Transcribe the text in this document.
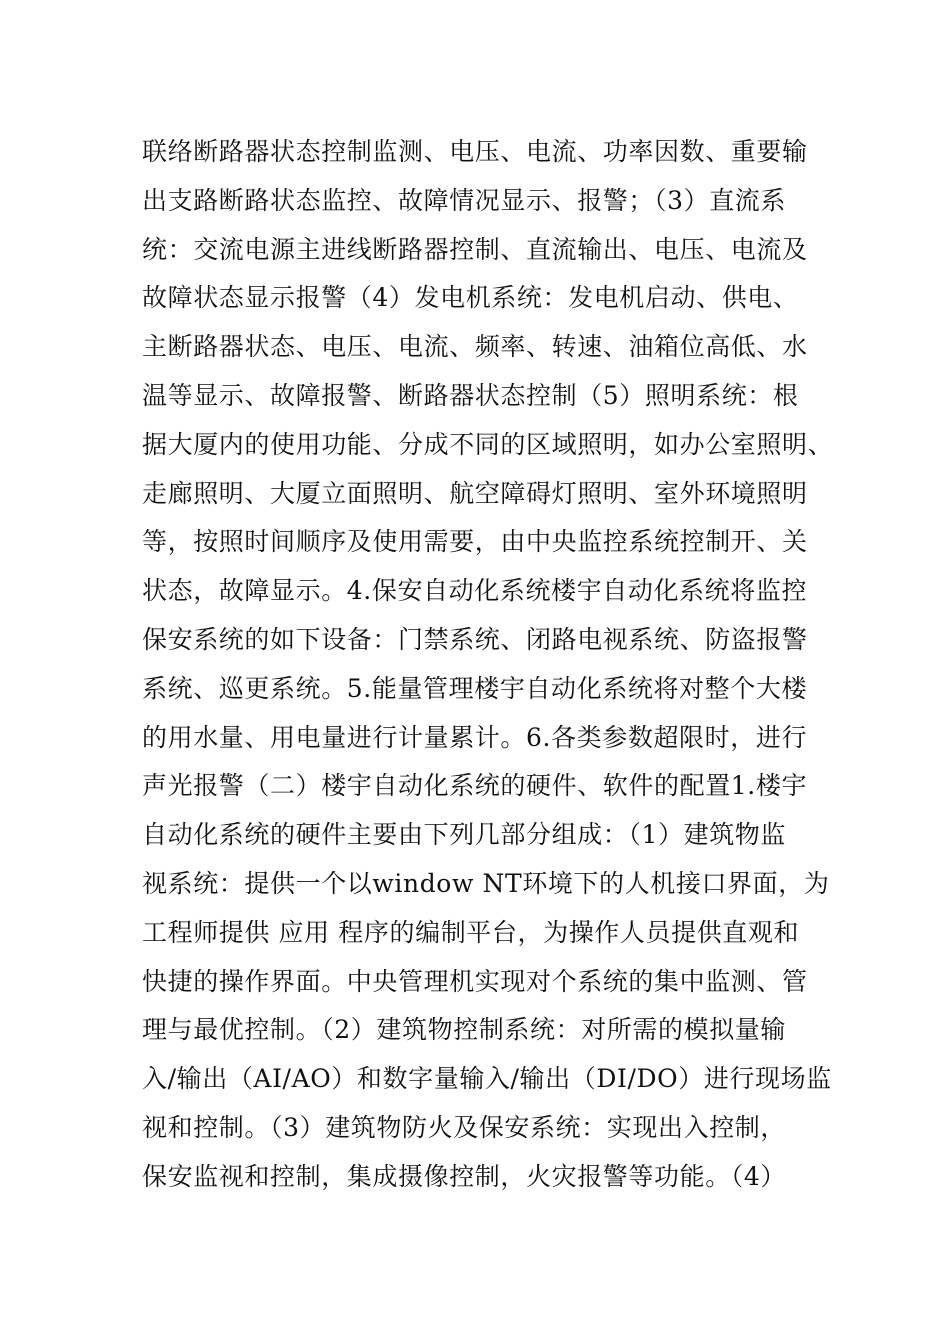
联络断路器状态控制监测、电压、电流、功率因数、重要输
出支路断路状态监控、故障情况显示、报警；（3）直流系
统：交流电源主进线断路器控制、直流输出、电压、电流及
故障状态显示报警（4）发电机系统：发电机启动、供电、
主断路器状态、电压、电流、频率、转速、油箱位高低、水
温等显示、故障报警、断路器状态控制（5）照明系统：根
据大厦内的使用功能、分成不同的区域照明，如办公室照明、
走廊照明、大厦立面照明、航空障碍灯照明、室外环境照明
等，按照时间顺序及使用需要，由中央监控系统控制开、关
状态，故障显示。4.保安自动化系统楼宇自动化系统将监控
保安系统的如下设备：门禁系统、闭路电视系统、防盗报警
系统、巡更系统。5.能量管理楼宇自动化系统将对整个大楼
的用水量、用电量进行计量累计。6.各类参数超限时，进行
声光报警（二）楼宇自动化系统的硬件、软件的配置1.楼宇
自动化系统的硬件主要由下列几部分组成：（1）建筑物监
视系统：提供一个以window NT环境下的人机接口界面，为
工程师提供 应用 程序的编制平台，为操作人员提供直观和
快捷的操作界面。中央管理机实现对个系统的集中监测、管
理与最优控制。（2）建筑物控制系统：对所需的模拟量输
入/输出（AI/AO）和数字量输入/输出（DI/DO）进行现场监
视和控制。（3）建筑物防火及保安系统：实现出入控制，
保安监视和控制，集成摄像控制，火灾报警等功能。（4）
